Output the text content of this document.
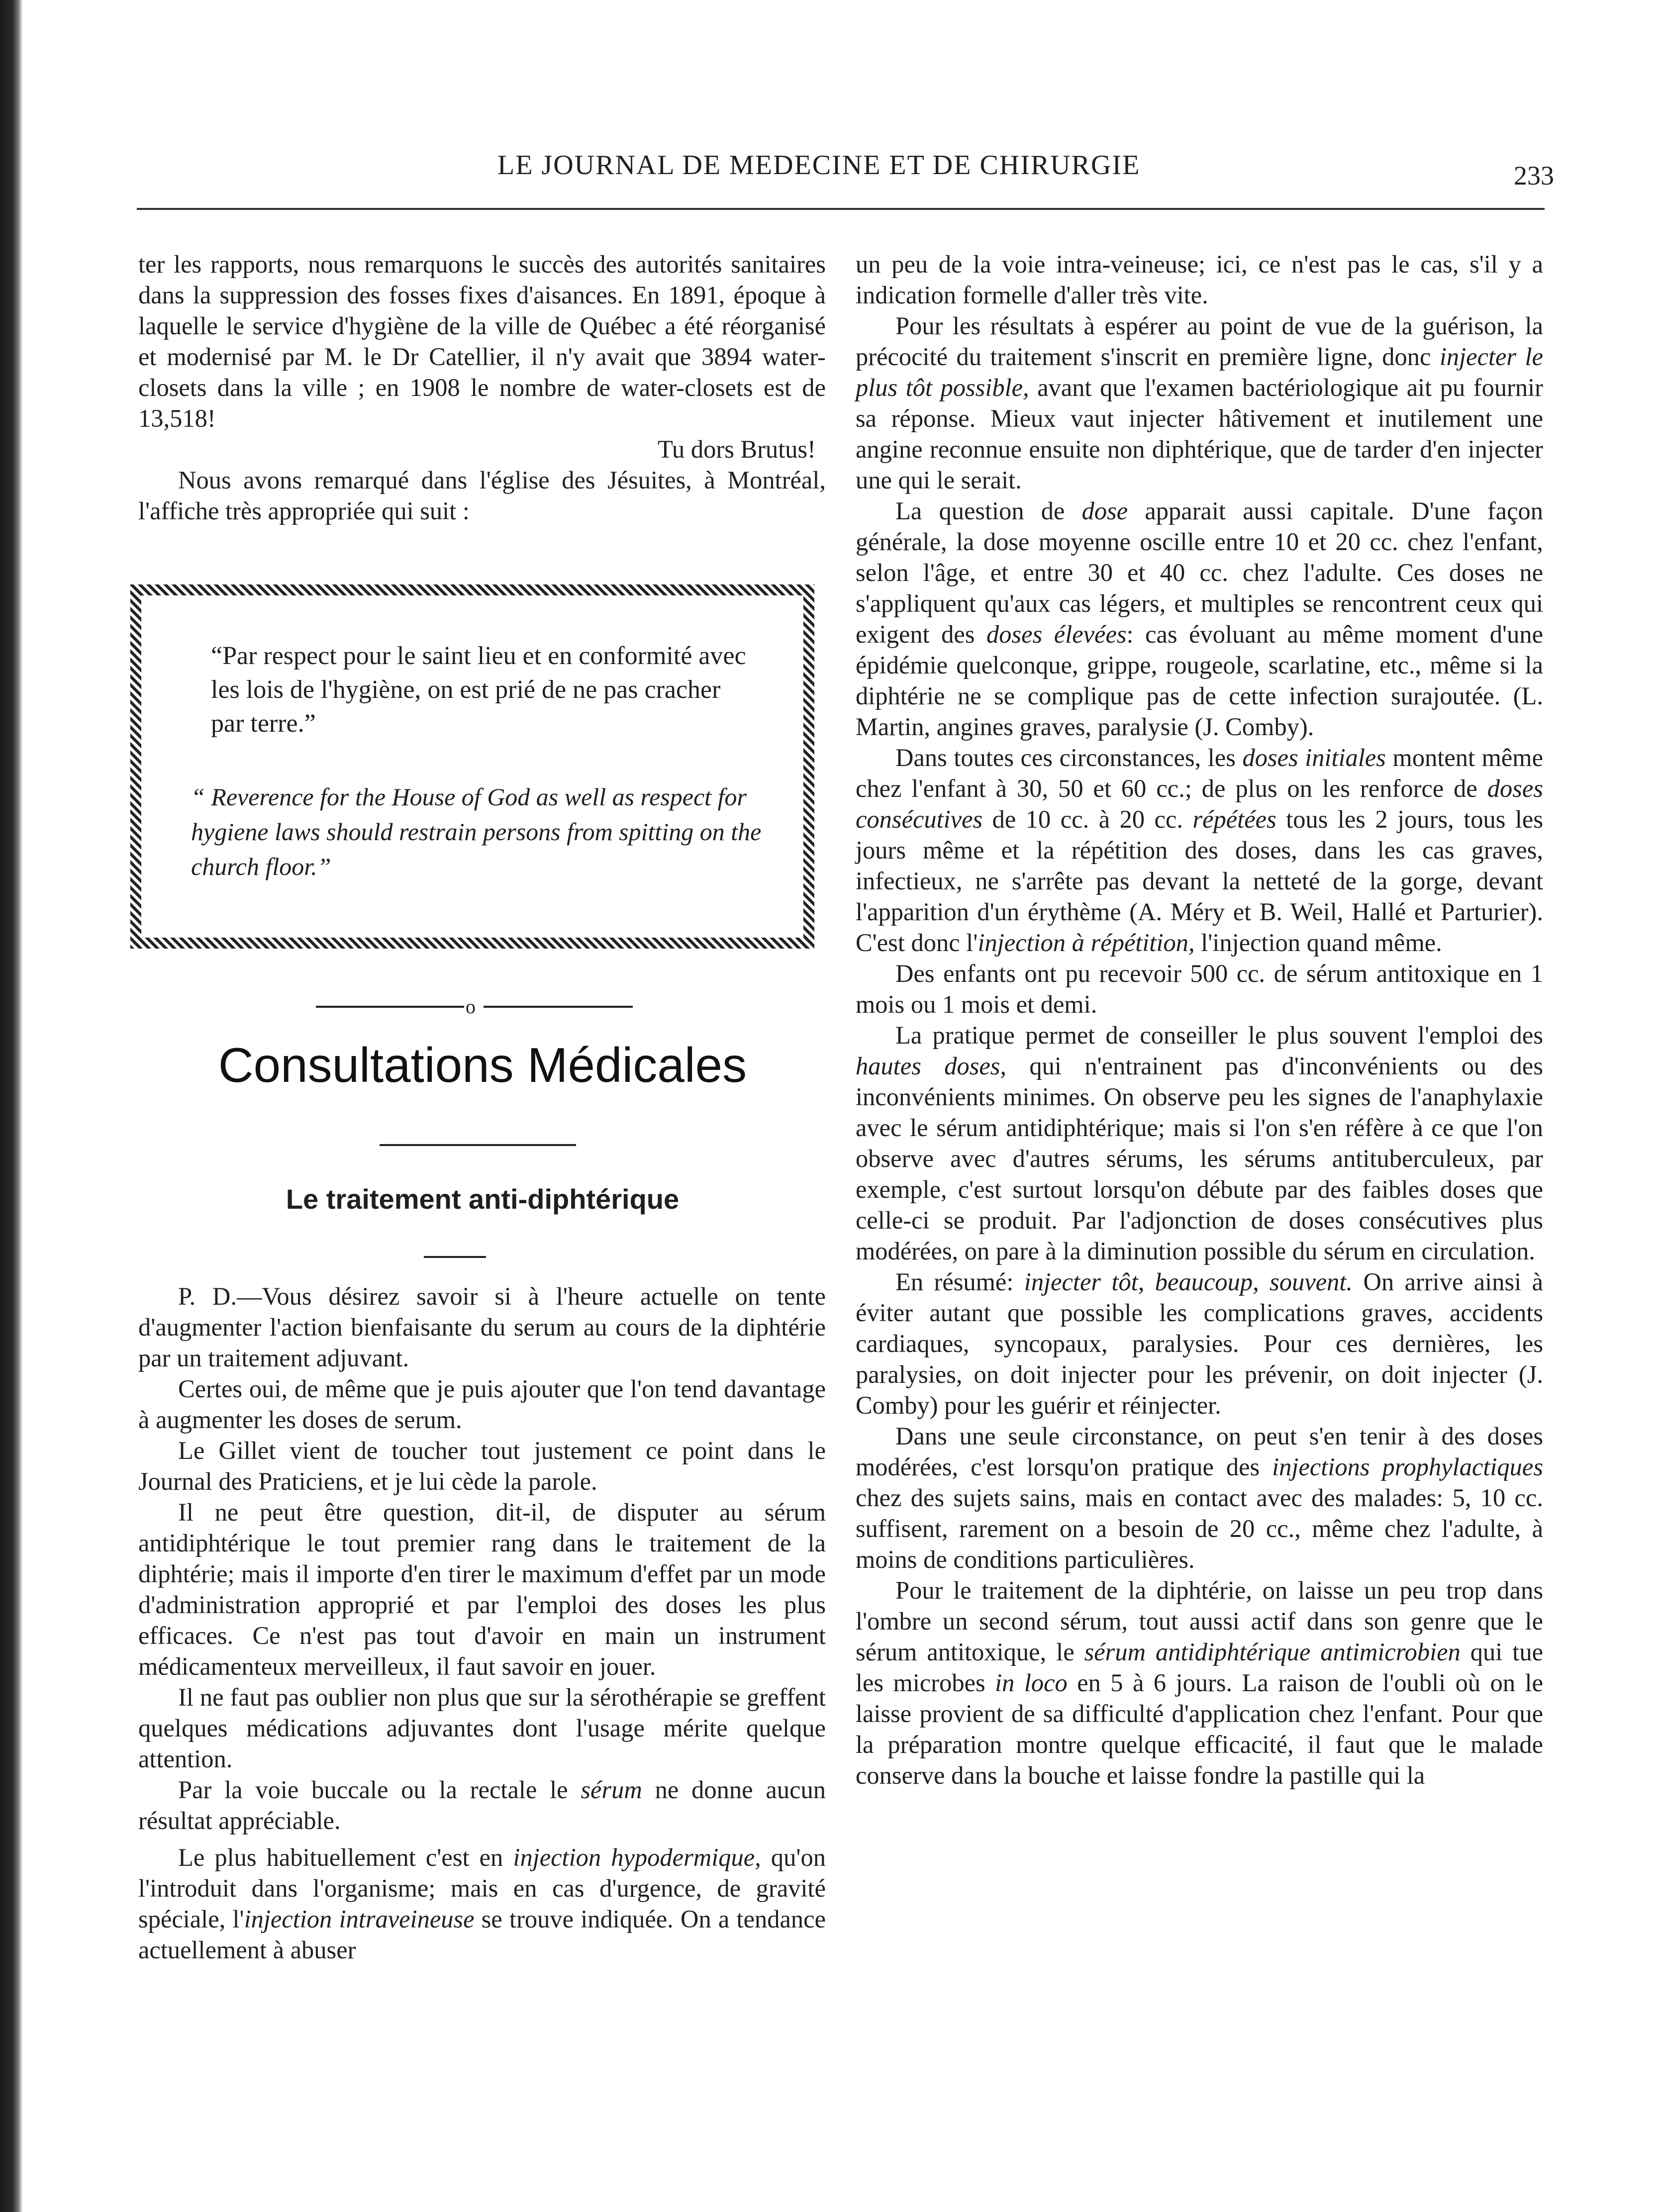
LE JOURNAL DE MEDECINE ET DE CHIRURGIE	233

ter les rapports, nous remarquons le succès des autorités sanitaires dans la suppression des fosses fixes d'aisances. En 1891, époque à laquelle le service d'hygiène de la ville de Québec a été réorganisé et modernisé par M. le Dr Catellier, il n'y avait que 3894 water-closets dans la ville ; en 1908 le nombre de water-closets est de 13,518!

Tu dors Brutus!

Nous avons remarqué dans l'église des Jésuites, à Montréal, l'affiche très appropriée qui suit :

“Par respect pour le saint lieu et en conformité avec les lois de l'hygiène, on est prié de ne pas cracher par terre.”
“ Reverence for the House of God as well as respect for hygiene laws should restrain persons from spitting on the church floor.”
o
Consultations Médicales
Le traitement anti-diphtérique

P. D.—Vous désirez savoir si à l'heure actuelle on tente d'augmenter l'action bienfaisante du serum au cours de la diphtérie par un traitement adjuvant.

Certes oui, de même que je puis ajouter que l'on tend davantage à augmenter les doses de serum.

Le Gillet vient de toucher tout justement ce point dans le Journal des Praticiens, et je lui cède la parole.

Il ne peut être question, dit-il, de disputer au sérum antidiphtérique le tout premier rang dans le traitement de la diphtérie; mais il importe d'en tirer le maximum d'effet par un mode d'administration approprié et par l'emploi des doses les plus efficaces. Ce n'est pas tout d'avoir en main un instrument médicamenteux merveilleux, il faut savoir en jouer.

Il ne faut pas oublier non plus que sur la sérothérapie se greffent quelques médications adjuvantes dont l'usage mérite quelque attention.

Par la voie buccale ou la rectale le sérum ne donne aucun résultat appréciable.

Le plus habituellement c'est en injection hypodermique, qu'on l'introduit dans l'organisme; mais en cas d'urgence, de gravité spéciale, l'injection intraveineuse se trouve indiquée. On a tendance actuellement à abuser

un peu de la voie intra-veineuse; ici, ce n'est pas le cas, s'il y a indication formelle d'aller très vite.

Pour les résultats à espérer au point de vue de la guérison, la précocité du traitement s'inscrit en première ligne, donc injecter le plus tôt possible, avant que l'examen bactériologique ait pu fournir sa réponse. Mieux vaut injecter hâtivement et inutilement une angine reconnue ensuite non diphtérique, que de tarder d'en injecter une qui le serait.

La question de dose apparait aussi capitale. D'une façon générale, la dose moyenne oscille entre 10 et 20 cc. chez l'enfant, selon l'âge, et entre 30 et 40 cc. chez l'adulte. Ces doses ne s'appliquent qu'aux cas légers, et multiples se rencontrent ceux qui exigent des doses élevées: cas évoluant au même moment d'une épidémie quelconque, grippe, rougeole, scarlatine, etc., même si la diphtérie ne se complique pas de cette infection surajoutée. (L. Martin, angines graves, paralysie (J. Comby).

Dans toutes ces circonstances, les doses initiales montent même chez l'enfant à 30, 50 et 60 cc.; de plus on les renforce de doses consécutives de 10 cc. à 20 cc. répétées tous les 2 jours, tous les jours même et la répétition des doses, dans les cas graves, infectieux, ne s'arrête pas devant la netteté de la gorge, devant l'apparition d'un érythème (A. Méry et B. Weil, Hallé et Parturier). C'est donc l'injection à répétition, l'injection quand même.

Des enfants ont pu recevoir 500 cc. de sérum antitoxique en 1 mois ou 1 mois et demi.

La pratique permet de conseiller le plus souvent l'emploi des hautes doses, qui n'entrainent pas d'inconvénients ou des inconvénients minimes. On observe peu les signes de l'anaphylaxie avec le sérum antidiphtérique; mais si l'on s'en réfère à ce que l'on observe avec d'autres sérums, les sérums antituberculeux, par exemple, c'est surtout lorsqu'on débute par des faibles doses que celle-ci se produit. Par l'adjonction de doses consécutives plus modérées, on pare à la diminution possible du sérum en circulation.

En résumé: injecter tôt, beaucoup, souvent. On arrive ainsi à éviter autant que possible les complications graves, accidents cardiaques, syncopaux, paralysies. Pour ces dernières, les paralysies, on doit injecter pour les prévenir, on doit injecter (J. Comby) pour les guérir et réinjecter.

Dans une seule circonstance, on peut s'en tenir à des doses modérées, c'est lorsqu'on pratique des injections prophylactiques chez des sujets sains, mais en contact avec des malades: 5, 10 cc. suffisent, rarement on a besoin de 20 cc., même chez l'adulte, à moins de conditions particulières.

Pour le traitement de la diphtérie, on laisse un peu trop dans l'ombre un second sérum, tout aussi actif dans son genre que le sérum antitoxique, le sérum antidiphtérique antimicrobien qui tue les microbes in loco en 5 à 6 jours. La raison de l'oubli où on le laisse provient de sa difficulté d'application chez l'enfant. Pour que la préparation montre quelque efficacité, il faut que le malade conserve dans la bouche et laisse fondre la pastille qui la
